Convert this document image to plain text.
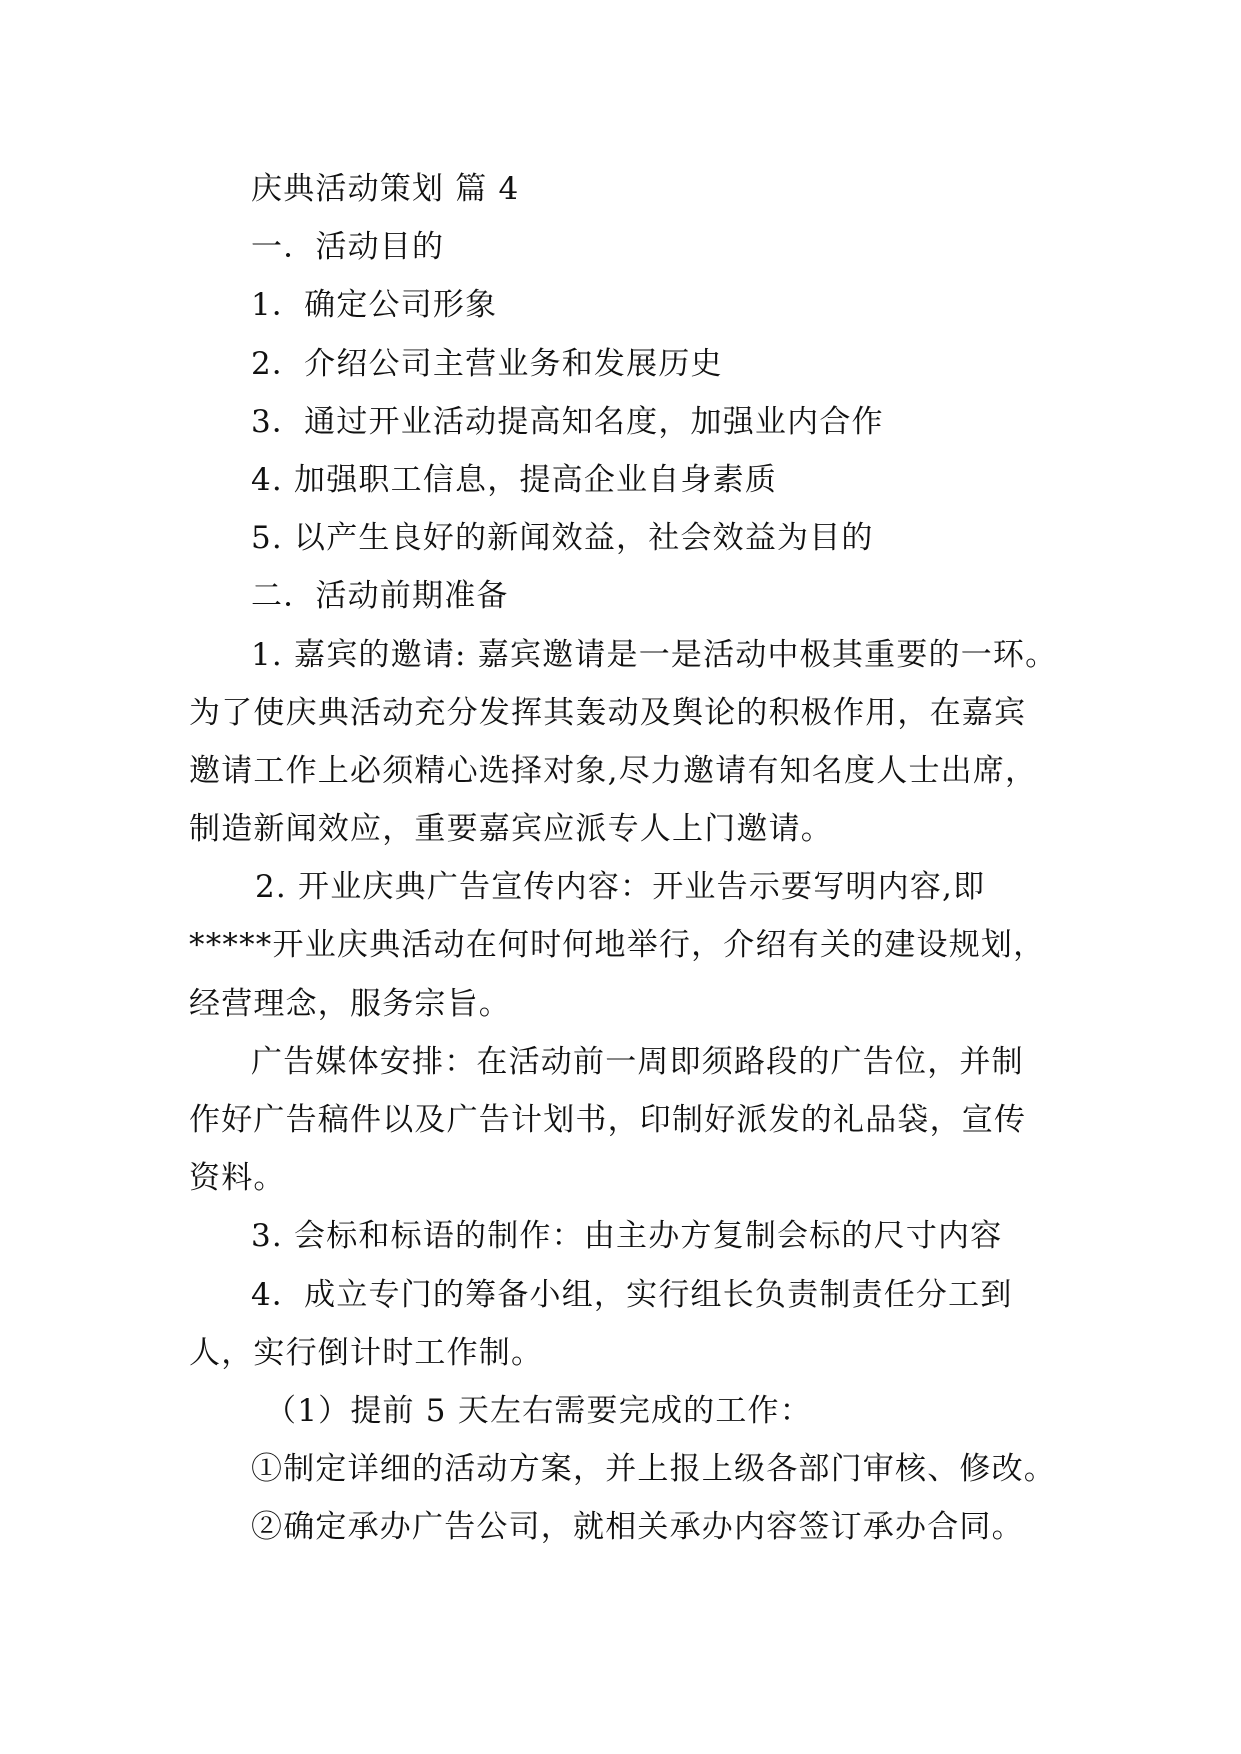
庆典活动策划 篇 4
一．活动目的
1．确定公司形象
2．介绍公司主营业务和发展历史
3．通过开业活动提高知名度，加强业内合作
4. 加强职工信息，提高企业自身素质
5. 以产生良好的新闻效益，社会效益为目的
二．活动前期准备
1. 嘉宾的邀请: 嘉宾邀请是一是活动中极其重要的一环。
为了使庆典活动充分发挥其轰动及舆论的积极作用，在嘉宾
邀请工作上必须精心选择对象,尽力邀请有知名度人士出席，
制造新闻效应，重要嘉宾应派专人上门邀请。
2. 开业庆典广告宣传内容：开业告示要写明内容,即
*****开业庆典活动在何时何地举行，介绍有关的建设规划，
经营理念，服务宗旨。
广告媒体安排：在活动前一周即须路段的广告位，并制
作好广告稿件以及广告计划书，印制好派发的礼品袋，宣传
资料。
3. 会标和标语的制作：由主办方复制会标的尺寸内容
4．成立专门的筹备小组，实行组长负责制责任分工到
人，实行倒计时工作制。
（1）提前 5 天左右需要完成的工作：
①制定详细的活动方案，并上报上级各部门审核、修改。
②确定承办广告公司，就相关承办内容签订承办合同。
